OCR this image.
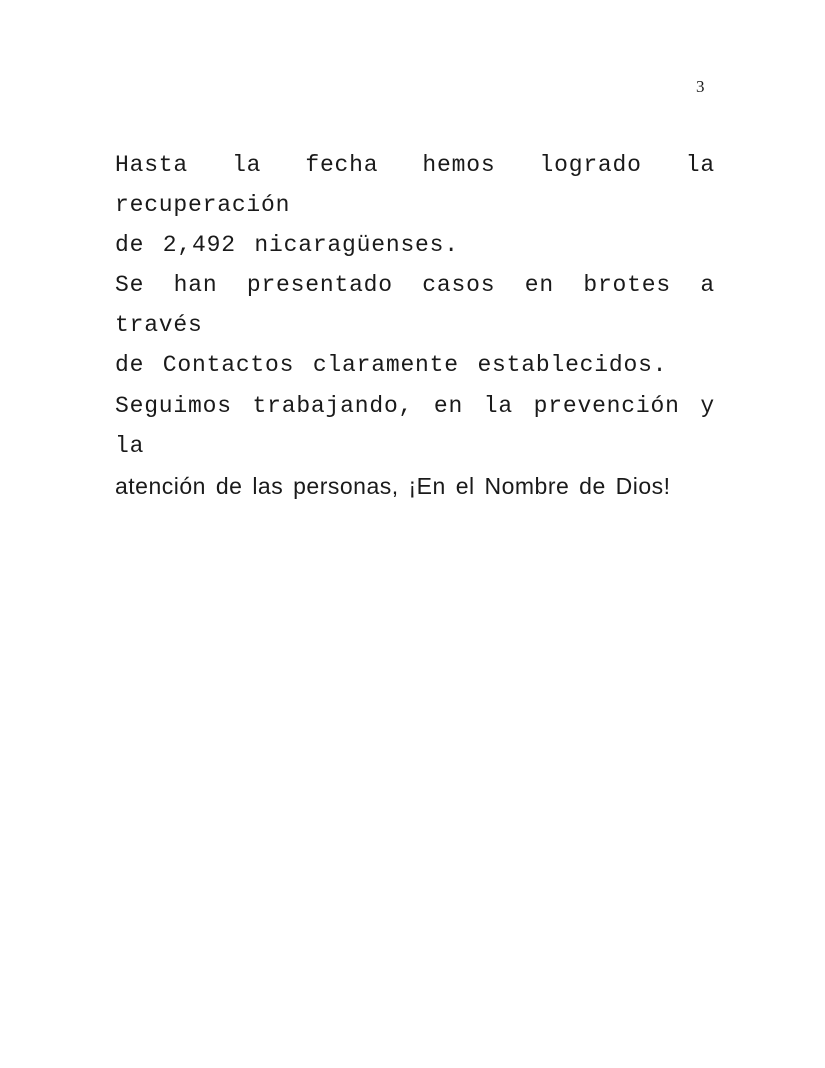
3

Hasta la fecha hemos logrado la recuperación
de 2,492 nicaragüenses.

Se han presentado casos en brotes a través
de Contactos claramente establecidos.

Seguimos trabajando, en la prevención y la
atención de las personas, ¡En el Nombre de Dios!
